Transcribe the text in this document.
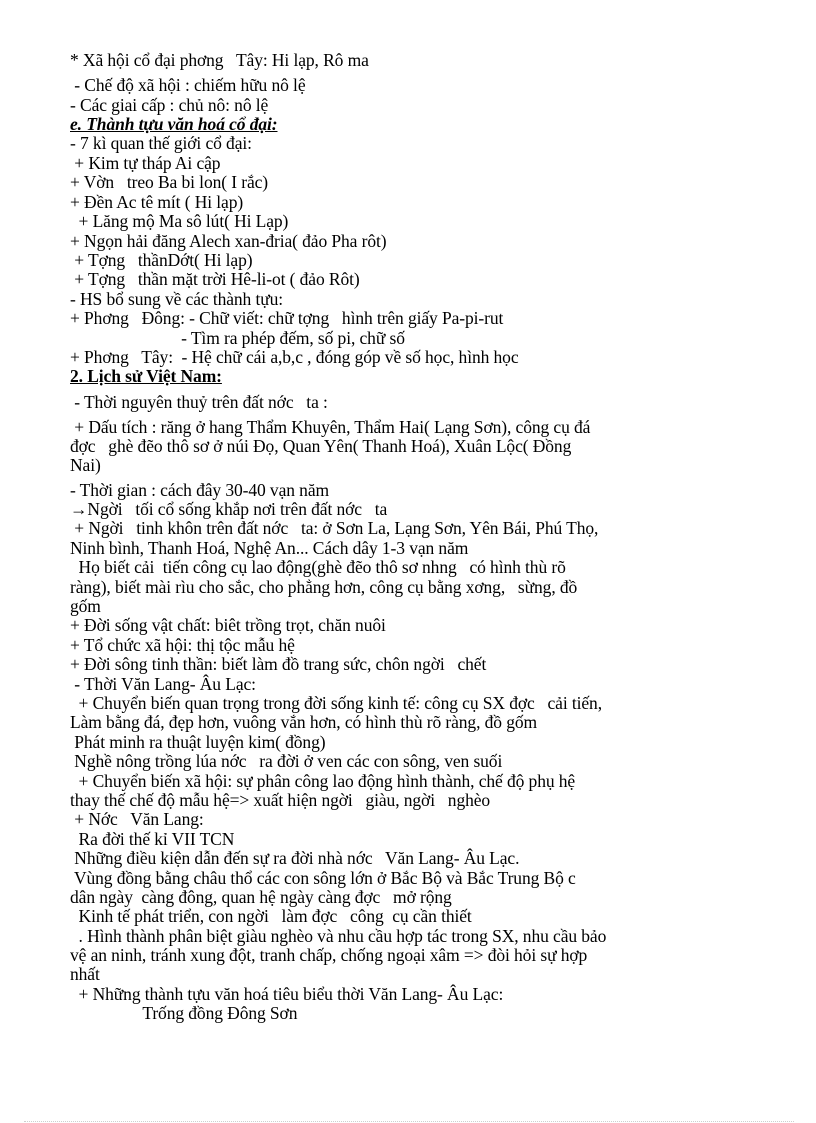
* Xã hội cổ đại phơng   Tây: Hi lạp, Rô ma
- Chế độ xã hội : chiếm hữu nô lệ
- Các giai cấp : chủ nô: nô lệ
e. Thành tựu văn hoá cổ đại:
- 7 kì quan thế giới cổ đại:
+ Kim tự tháp Ai cập
+ Vờn   treo Ba bi lon( I rắc)
+ Đền Ac tê mít ( Hi lạp)
+ Lăng mộ Ma sô lút( Hi Lạp)
+ Ngọn hải đăng Alech xan-đria( đảo Pha rôt)
+ Tợng   thầnDớt( Hi lạp)
+ Tợng   thần mặt trời Hê-li-ot ( đảo Rôt)
- HS bổ sung về các thành tựu:
+ Phơng   Đông: - Chữ viết: chữ tợng   hình trên giấy Pa-pi-rut
- Tìm ra phép đếm, số pi, chữ số
+ Phơng   Tây:  - Hệ chữ cái a,b,c , đóng góp về số học, hình học
2. Lịch sử Việt Nam:
- Thời nguyên thuỷ trên đất nớc   ta :
+ Dấu tích : răng ở hang Thẩm Khuyên, Thẩm Hai( Lạng Sơn), công cụ đá
đợc   ghè đẽo thô sơ ở núi Đọ, Quan Yên( Thanh Hoá), Xuân Lộc( Đồng
Nai)
- Thời gian : cách đây 30-40 vạn năm
→Ngời   tối cổ sống khắp nơi trên đất nớc   ta
+ Ngời   tinh khôn trên đất nớc   ta: ở Sơn La, Lạng Sơn, Yên Bái, Phú Thọ,
Ninh bình, Thanh Hoá, Nghệ An... Cách dây 1-3 vạn năm
Họ biết cải  tiến công cụ lao động(ghè đẽo thô sơ nhng   có hình thù rõ
ràng), biết mài rìu cho sắc, cho phẳng hơn, công cụ bằng xơng,   sừng, đồ
gốm
+ Đời sống vật chất: biêt trồng trọt, chăn nuôi
+ Tổ chức xã hội: thị tộc mẫu hệ
+ Đời sông tinh thần: biết làm đồ trang sức, chôn ngời   chết
- Thời Văn Lang- Âu Lạc:
+ Chuyển biến quan trọng trong đời sống kinh tế: công cụ SX đợc   cải tiến,
Làm bằng đá, đẹp hơn, vuông vắn hơn, có hình thù rõ ràng, đồ gốm
Phát minh ra thuật luyện kim( đồng)
Nghề nông trồng lúa nớc   ra đời ở ven các con sông, ven suối
+ Chuyển biến xã hội: sự phân công lao động hình thành, chế độ phụ hệ
thay thế chế độ mẫu hệ=> xuất hiện ngời   giàu, ngời   nghèo
+ Nớc   Văn Lang:
Ra đời thế kỉ VII TCN
Những điều kiện dẫn đến sự ra đời nhà nớc   Văn Lang- Âu Lạc.
Vùng đồng bằng châu thổ các con sông lớn ở Bắc Bộ và Bắc Trung Bộ c
dân ngày  càng đông, quan hệ ngày càng đợc   mở rộng
Kinh tế phát triển, con ngời   làm đợc   công  cụ cần thiết
. Hình thành phân biệt giàu nghèo và nhu cầu hợp tác trong SX, nhu cầu bảo
vệ an ninh, tránh xung đột, tranh chấp, chống ngoại xâm => đòi hỏi sự hợp
nhất
+ Những thành tựu văn hoá tiêu biểu thời Văn Lang- Âu Lạc:
Trống đồng Đông Sơn
